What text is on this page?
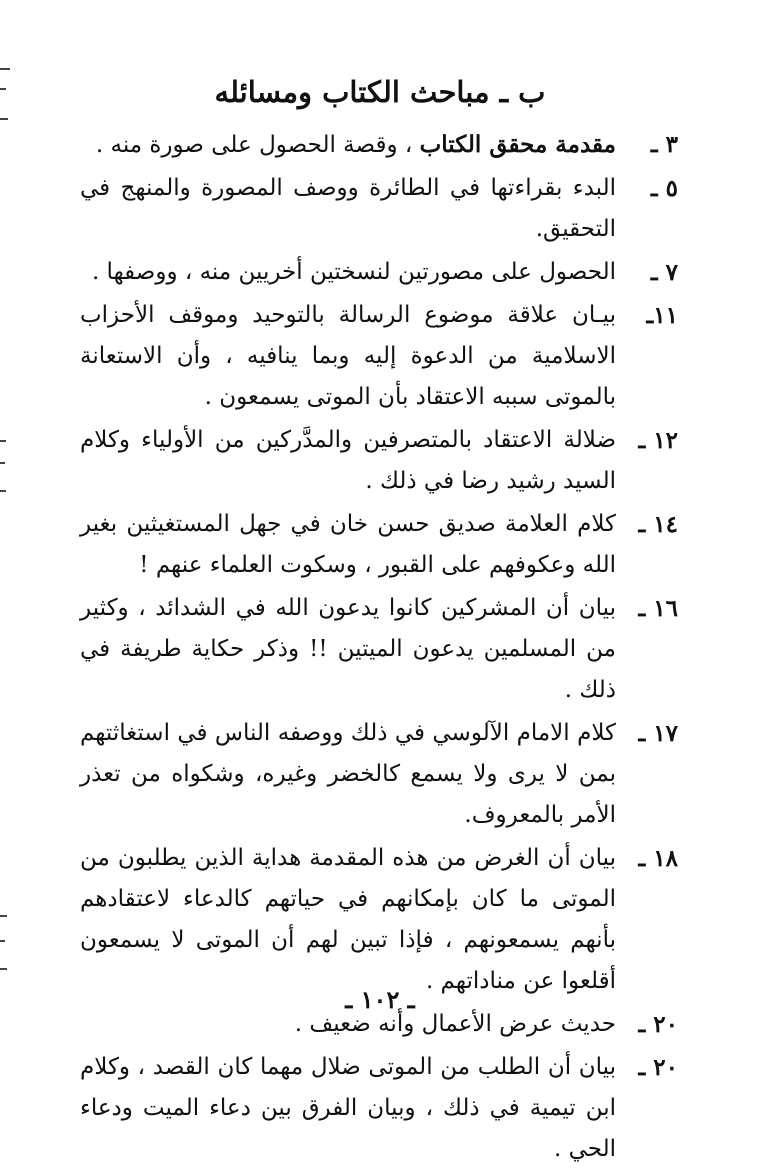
ب ـ مباحث الكتاب ومسائله
٣ ـ
مقدمة محقق الكتاب ، وقصة الحصول على صورة منه .
٥ ـ
البدء بقراءتها في الطائرة ووصف المصورة والمنهج في التحقيق.
٧ ـ
الحصول على مصورتين لنسختين أخريين منه ، ووصفها .
١١ـ
بيـان علاقة موضوع الرسالة بالتوحيد وموقف الأحزاب الاسلامية من الدعوة إليه وبما ينافيه ، وأن الاستعانة بالموتى سببه الاعتقاد بأن الموتى يسمعون .
١٢ ـ
ضلالة الاعتقاد بالمتصرفين والمدَّركين من الأولياء وكلام السيد رشيد رضا في ذلك .
١٤ ـ
كلام العلامة صديق حسن خان في جهل المستغيثين بغير الله وعكوفهم على القبور ، وسكوت العلماء عنهم !
١٦ ـ
بيان أن المشركين كانوا يدعون الله في الشدائد ، وكثير من المسلمين يدعون الميتين !! وذكر حكاية طريفة في ذلك .
١٧ ـ
كلام الامام الآلوسي في ذلك ووصفه الناس في استغاثتهم بمن لا يرى ولا يسمع كالخضر وغيره، وشكواه من تعذر الأمر بالمعروف.
١٨ ـ
بيان أن الغرض من هذه المقدمة هداية الذين يطلبون من الموتى ما كان بإمكانهم في حياتهم كالدعاء لاعتقادهم بأنهم يسمعونهم ، فإذا تبين لهم أن الموتى لا يسمعون أقلعوا عن مناداتهم .
٢٠ ـ
حديث عرض الأعمال وأنه ضعيف .
٢٠ ـ
بيان أن الطلب من الموتى ضلال مهما كان القصد ، وكلام ابن تيمية في ذلك ، وبيان الفرق بين دعاء الميت ودعاء الحي .
ـ ١٠٢ ـ
